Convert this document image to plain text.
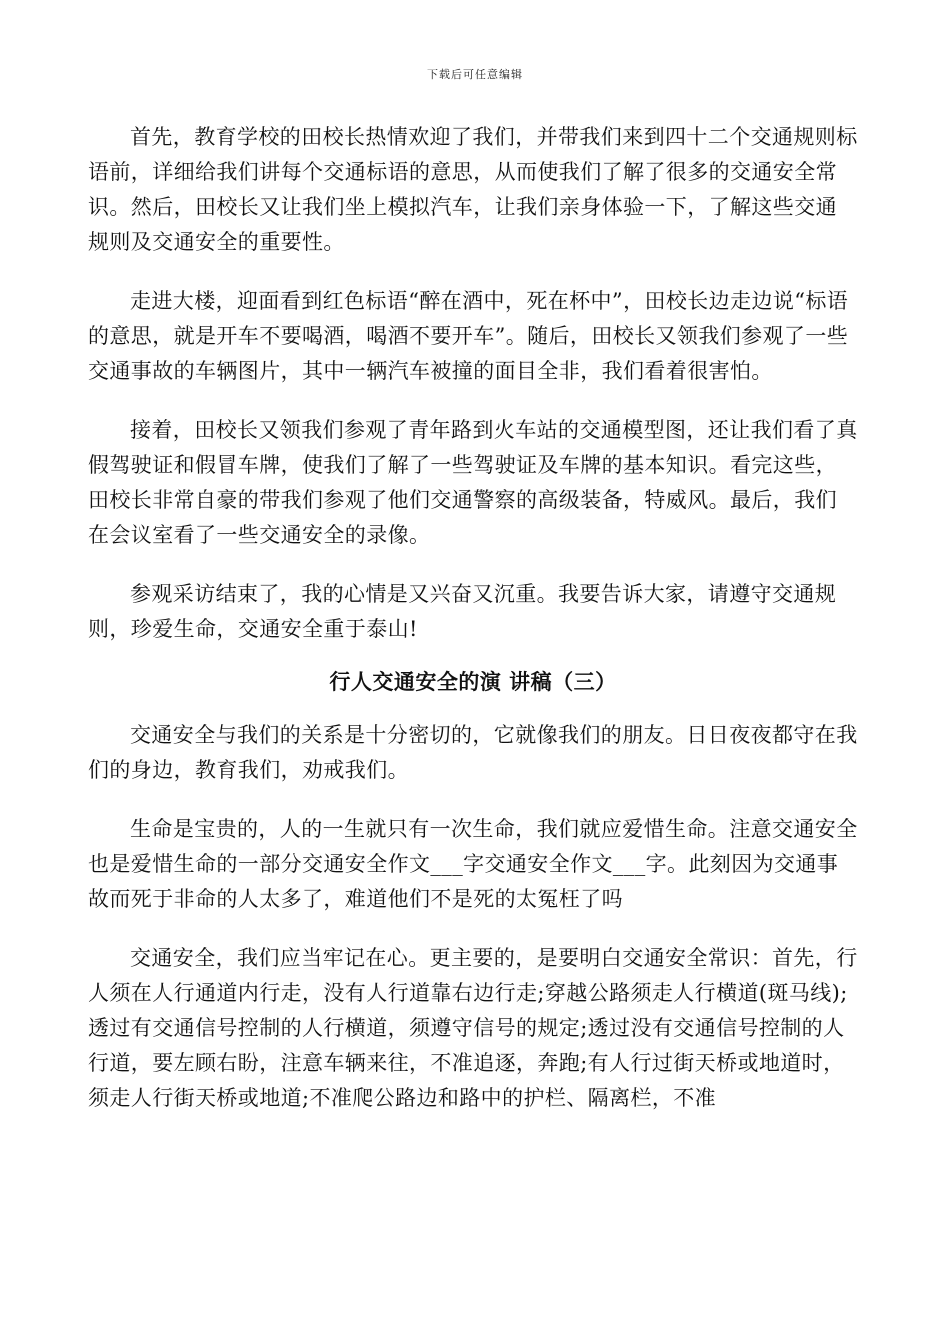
下载后可任意编辑

首先，教育学校的田校长热情欢迎了我们，并带我们来到四十二个交通规则标语前，详细给我们讲每个交通标语的意思，从而使我们了解了很多的交通安全常识。然后，田校长又让我们坐上模拟汽车，让我们亲身体验一下，了解这些交通规则及交通安全的重要性。

走进大楼，迎面看到红色标语“醉在酒中，死在杯中”，田校长边走边说“标语的意思，就是开车不要喝酒，喝酒不要开车”。随后，田校长又领我们参观了一些交通事故的车辆图片，其中一辆汽车被撞的面目全非，我们看着很害怕。

接着，田校长又领我们参观了青年路到火车站的交通模型图，还让我们看了真假驾驶证和假冒车牌，使我们了解了一些驾驶证及车牌的基本知识。看完这些，田校长非常自豪的带我们参观了他们交通警察的高级装备，特威风。最后，我们在会议室看了一些交通安全的录像。

参观采访结束了，我的心情是又兴奋又沉重。我要告诉大家，请遵守交通规则，珍爱生命，交通安全重于泰山!

行人交通安全的演 讲稿（三）

交通安全与我们的关系是十分密切的，它就像我们的朋友。日日夜夜都守在我们的身边，教育我们，劝戒我们。

生命是宝贵的，人的一生就只有一次生命，我们就应爱惜生命。注意交通安全也是爱惜生命的一部分交通安全作文___字交通安全作文___字。此刻因为交通事故而死于非命的人太多了，难道他们不是死的太冤枉了吗

交通安全，我们应当牢记在心。更主要的，是要明白交通安全常识：首先，行人须在人行通道内行走，没有人行道靠右边行走;穿越公路须走人行横道(斑马线);透过有交通信号控制的人行横道，须遵守信号的规定;透过没有交通信号控制的人行道，要左顾右盼，注意车辆来往，不准追逐，奔跑;有人行过街天桥或地道时，须走人行街天桥或地道;不准爬公路边和路中的护栏、隔离栏，不准
